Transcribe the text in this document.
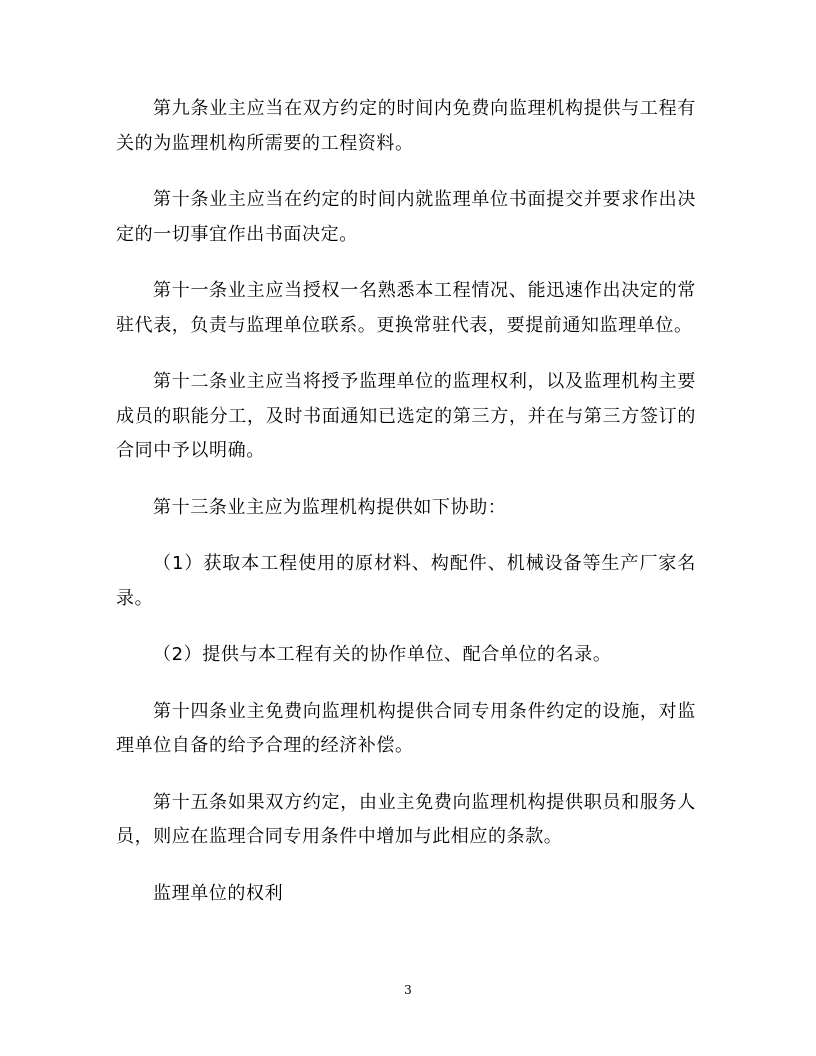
第九条业主应当在双方约定的时间内免费向监理机构提供与工程有关的为监理机构所需要的工程资料。

第十条业主应当在约定的时间内就监理单位书面提交并要求作出决定的一切事宜作出书面决定。

第十一条业主应当授权一名熟悉本工程情况、能迅速作出决定的常驻代表，负责与监理单位联系。更换常驻代表，要提前通知监理单位。

第十二条业主应当将授予监理单位的监理权利，以及监理机构主要成员的职能分工，及时书面通知已选定的第三方，并在与第三方签订的合同中予以明确。

第十三条业主应为监理机构提供如下协助：

（1）获取本工程使用的原材料、构配件、机械设备等生产厂家名录。

（2）提供与本工程有关的协作单位、配合单位的名录。

第十四条业主免费向监理机构提供合同专用条件约定的设施，对监理单位自备的给予合理的经济补偿。

第十五条如果双方约定，由业主免费向监理机构提供职员和服务人员，则应在监理合同专用条件中增加与此相应的条款。

监理单位的权利

3
